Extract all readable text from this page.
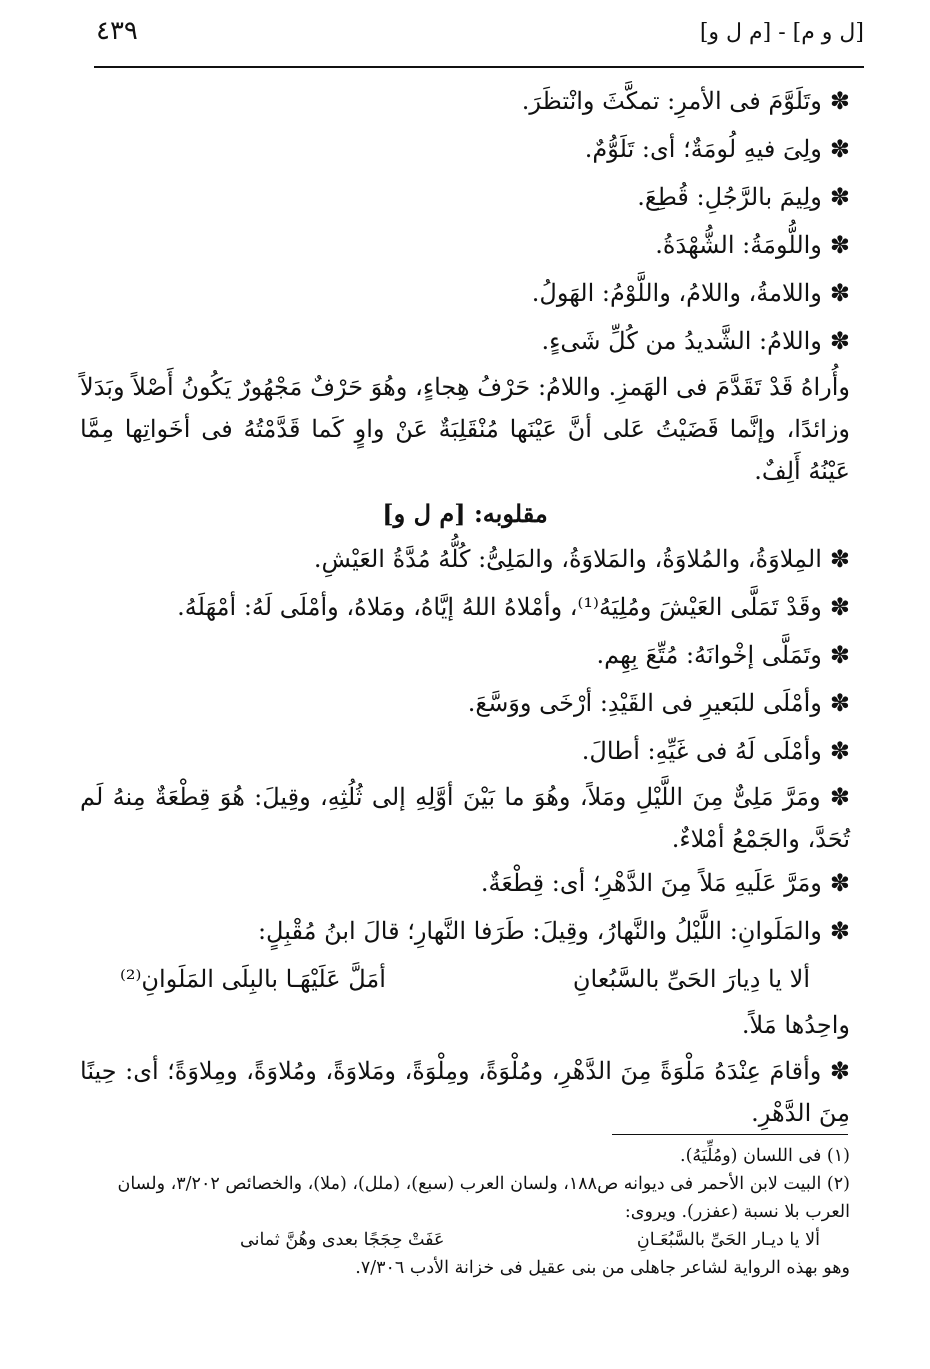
٤٣٩	[ل و م] - [م ل و]

✽وتَلَوَّمَ فى الأمرِ: تمكَّثَ وانْتظَرَ.

✽ولِىَ فيهِ لُومَةٌ؛ أى: تَلَوُّمٌ.

✽ولِيمَ بالرَّجُلِ: قُطِعَ.

✽واللُّومَةُ: الشُّهْدَةُ.

✽واللامةُ، واللامُ، واللَّوْمُ: الهَولُ.

✽واللامُ: الشَّديدُ من كُلِّ شَىءٍ.

وأُراهُ قَدْ تَقَدَّمَ فى الهَمزِ. واللامُ: حَرْفُ هِجاءٍ، وهُوَ حَرْفٌ مَجْهُورٌ يَكُونُ أَصْلاً وبَدَلاً وزائدًا، وإنَّما قَضَيْتُ عَلى أنَّ عَيْنَها مُنْقَلِبَةٌ عَنْ واوٍ كَما قَدَّمْتُهُ فى أخَواتِها مِمَّا عَيْنُهُ أَلِفٌ.

مقلوبه: [م ل و]

✽المِلاوَةُ، والمُلاوَةُ، والمَلاوَةُ، والمَلِىُّ: كُلُّهُ مُدَّةُ العَيْشِ.

✽وقَدْ تَمَلَّى العَيْشَ ومُلِيَهُ⁽¹⁾، وأمْلاهُ اللهُ إيَّاهُ، ومَلاهُ، وأمْلَى لَهُ: أمْهَلَهُ.

✽وتَمَلَّى إخْوانَهُ: مُتِّعَ بِهِم.

✽وأمْلَى للبَعيرِ فى القَيْدِ: أرْخَى ووَسَّعَ.

✽وأمْلَى لَهُ فى غَيِّهِ: أطالَ.

✽ ومَرَّ مَلِىٌّ مِنَ اللَّيْلِ ومَلاً، وهُوَ ما بَيْنَ أوَّلِهِ إلى ثُلُثِهِ، وقِيلَ: هُوَ قِطْعَةٌ مِنهُ لَم تُحَدَّ، والجَمْعُ أمْلاءٌ.

✽ومَرَّ عَلَيهِ مَلاً مِنَ الدَّهْرِ؛ أى: قِطْعَةٌ.

✽والمَلَوانِ: اللَّيْلُ والنَّهارُ، وقِيلَ: طَرَفا النَّهارِ؛ قالَ ابنُ مُقْبِلٍ:

ألا يا دِيارَ الحَىِّ بالسَّبُعانِ
أمَلَّ عَلَيْهَـا بالبِلَى المَلَوانِ⁽²⁾

واحِدُها مَلاً.

✽ وأقامَ عِنْدَهُ مَلْوَةً مِنَ الدَّهْرِ، ومُلْوَةً، ومِلْوَةً، ومَلاوَةً، ومُلاوَةً، ومِلاوَةً؛ أى: حِينًا مِنَ الدَّهْرِ.

(١) فى اللسان (ومُلِّيَهُ).

(٢) البيت لابن الأحمر فى ديوانه ص١٨٨، ولسان العرب (سبع)، (ملل)، (ملا)، والخصائص ٣/٢٠٢، ولسان

العرب بلا نسبة (عفزر). ويروى:

ألا يا ديـار الحَىِّ بالسَّبُعَـانِ
عَفَتْ حِجَجًا بعدى وهُنَّ ثمانى

وهو بهذه الرواية لشاعر جاهلى من بنى عقيل فى خزانة الأدب ٧/٣٠٦.
